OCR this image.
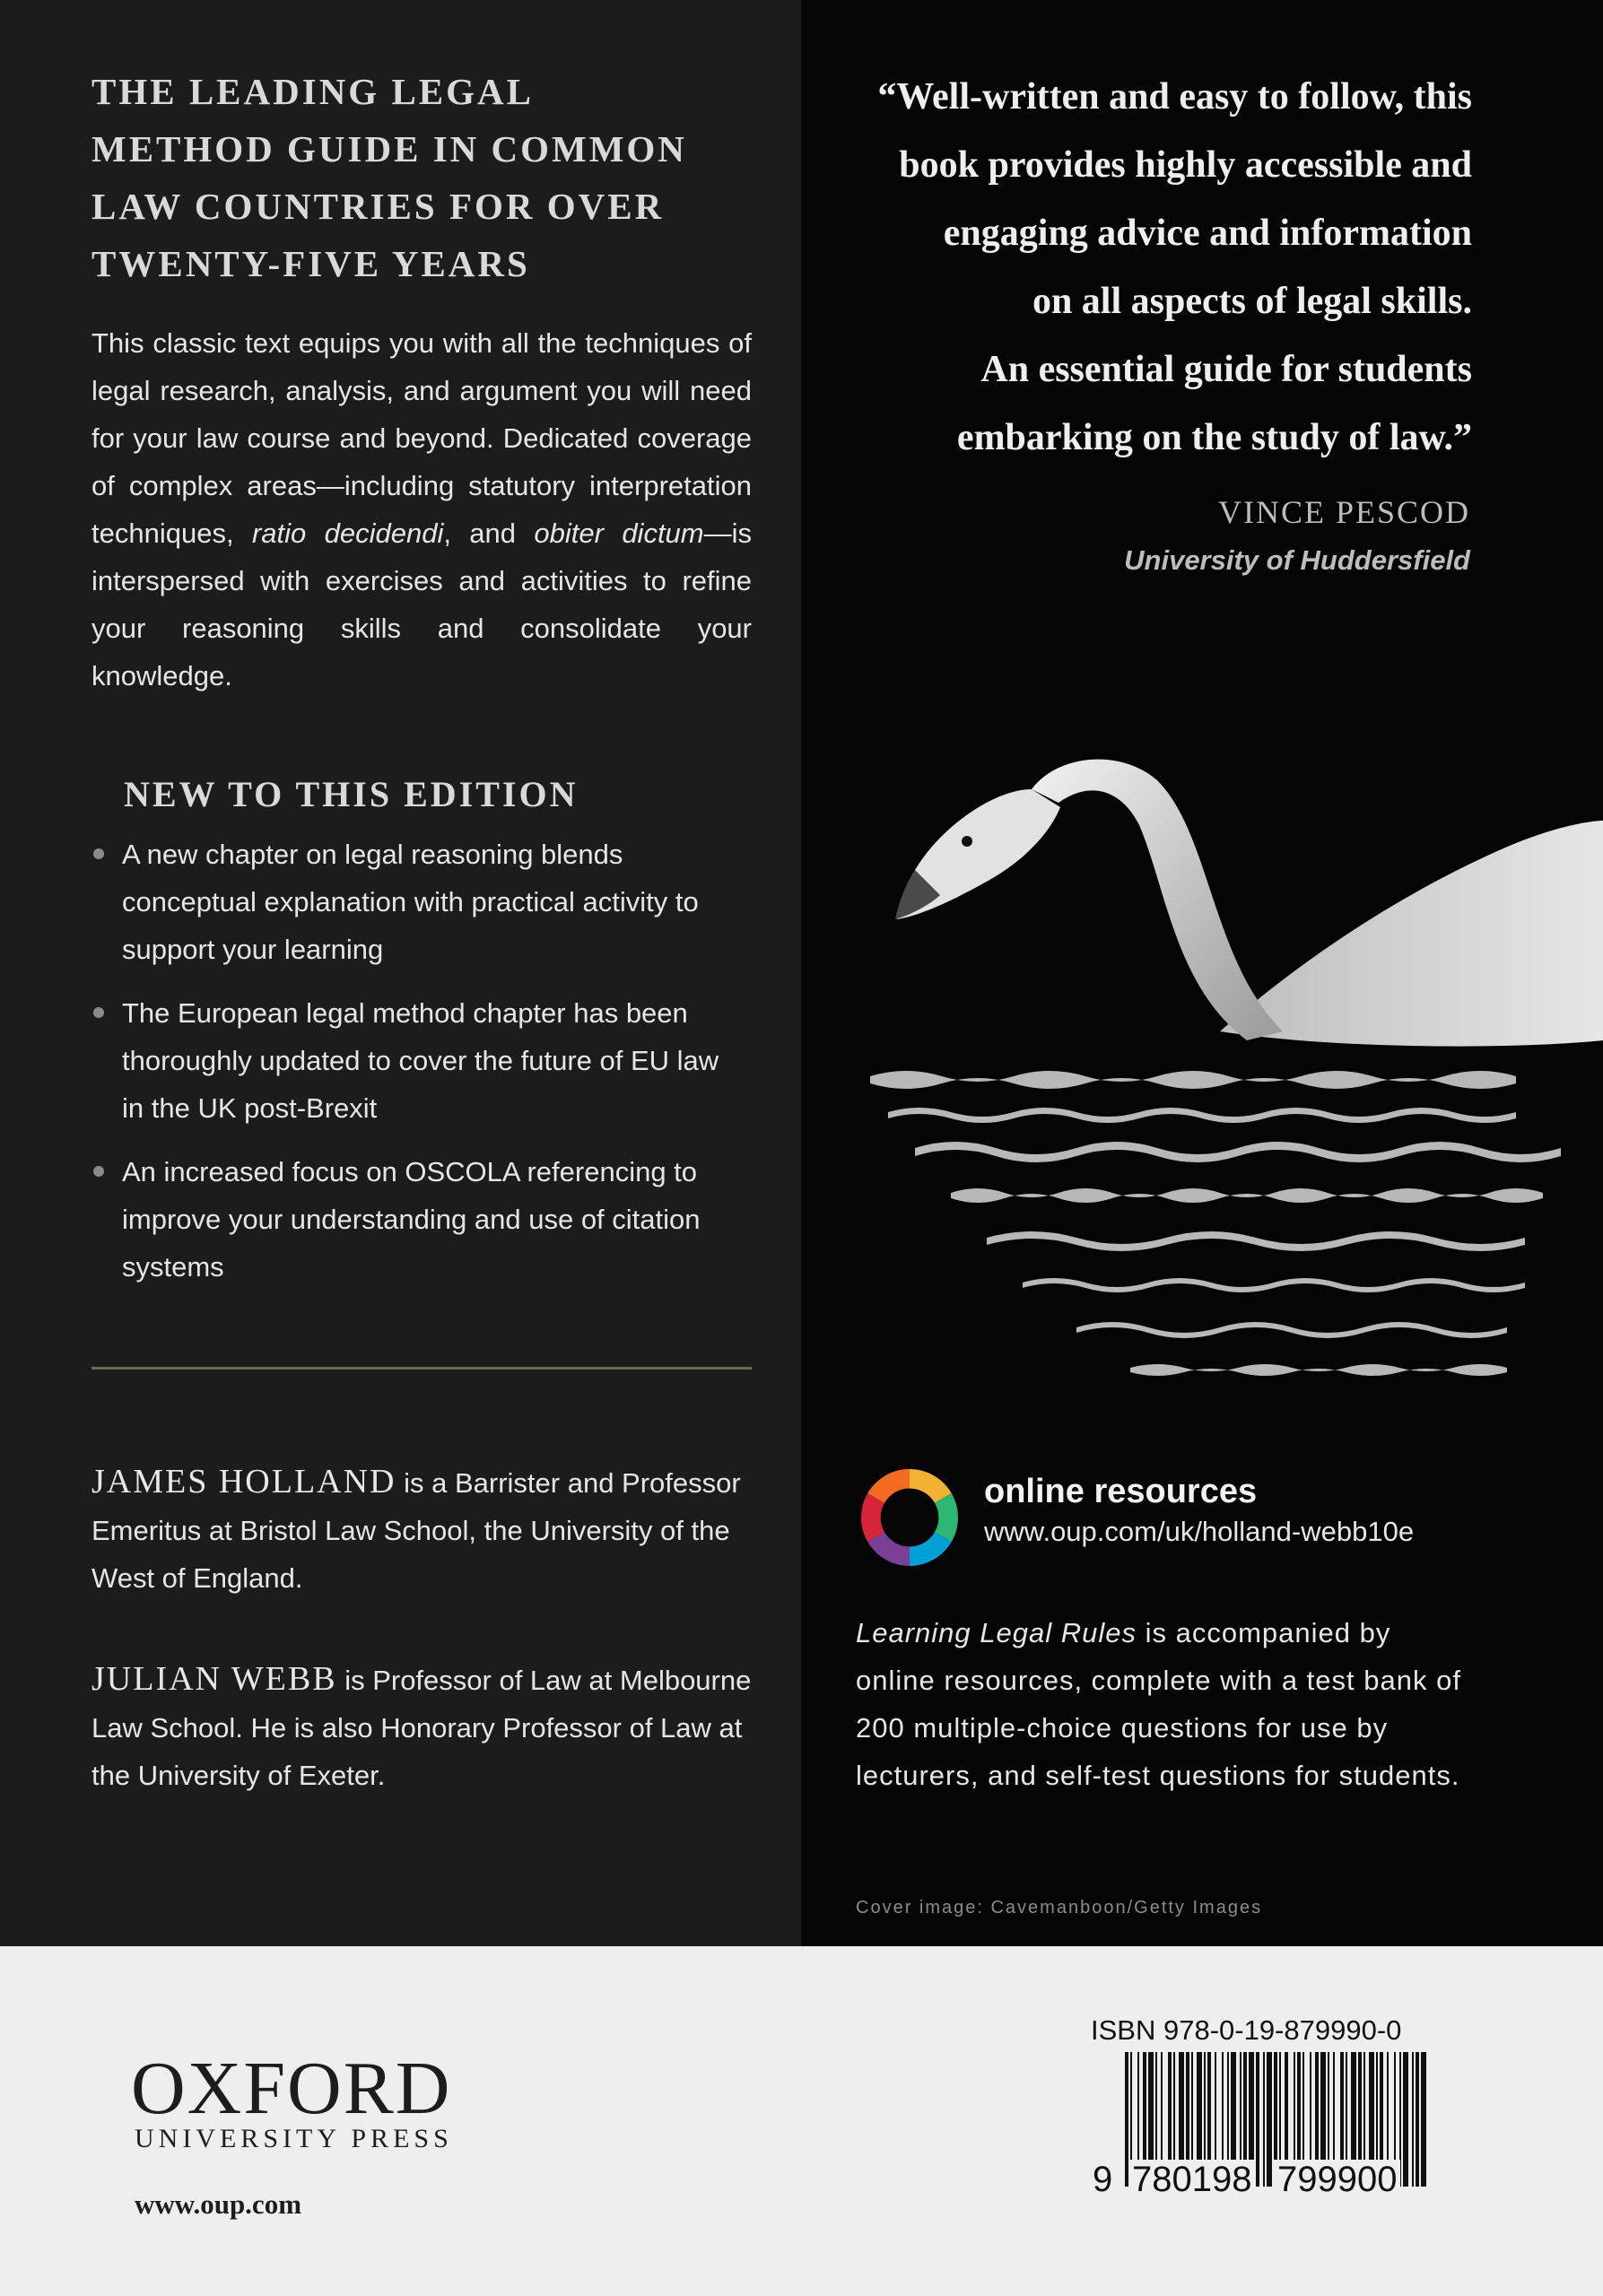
THE LEADING LEGAL
METHOD GUIDE IN COMMON
LAW COUNTRIES FOR OVER
TWENTY-FIVE YEARS

This classic text equips you with all the techniques of legal research, analysis, and argument you will need for your law course and beyond. Dedicated coverage of complex areas—including statutory interpretation techniques, ratio decidendi, and obiter dictum—is interspersed with exercises and activities to refine your reasoning skills and consolidate your knowledge.

NEW TO THIS EDITION
A new chapter on legal reasoning blends conceptual explanation with practical activity to support your learning
The European legal method chapter has been thoroughly updated to cover the future of EU law in the UK post-Brexit
An increased focus on OSCOLA referencing to improve your understanding and use of citation systems

JAMES HOLLAND is a Barrister and Professor Emeritus at Bristol Law School, the University of the West of England.

JULIAN WEBB is Professor of Law at Melbourne Law School. He is also Honorary Professor of Law at the University of Exeter.

“Well-written and easy to follow, this
book provides highly accessible and
engaging advice and information
on all aspects of legal skills.
An essential guide for students
embarking on the study of law.”
VINCE PESCOD
University of Huddersfield
online resources
www.oup.com/uk/holland-webb10e

Learning Legal Rules is accompanied by online resources, complete with a test bank of 200 multiple-choice questions for use by lecturers, and self-test questions for students.

Cover image: Cavemanboon/Getty Images
OXFORD
UNIVERSITY PRESS
www.oup.com
ISBN 978-0-19-879990-0
9 780198 799900
